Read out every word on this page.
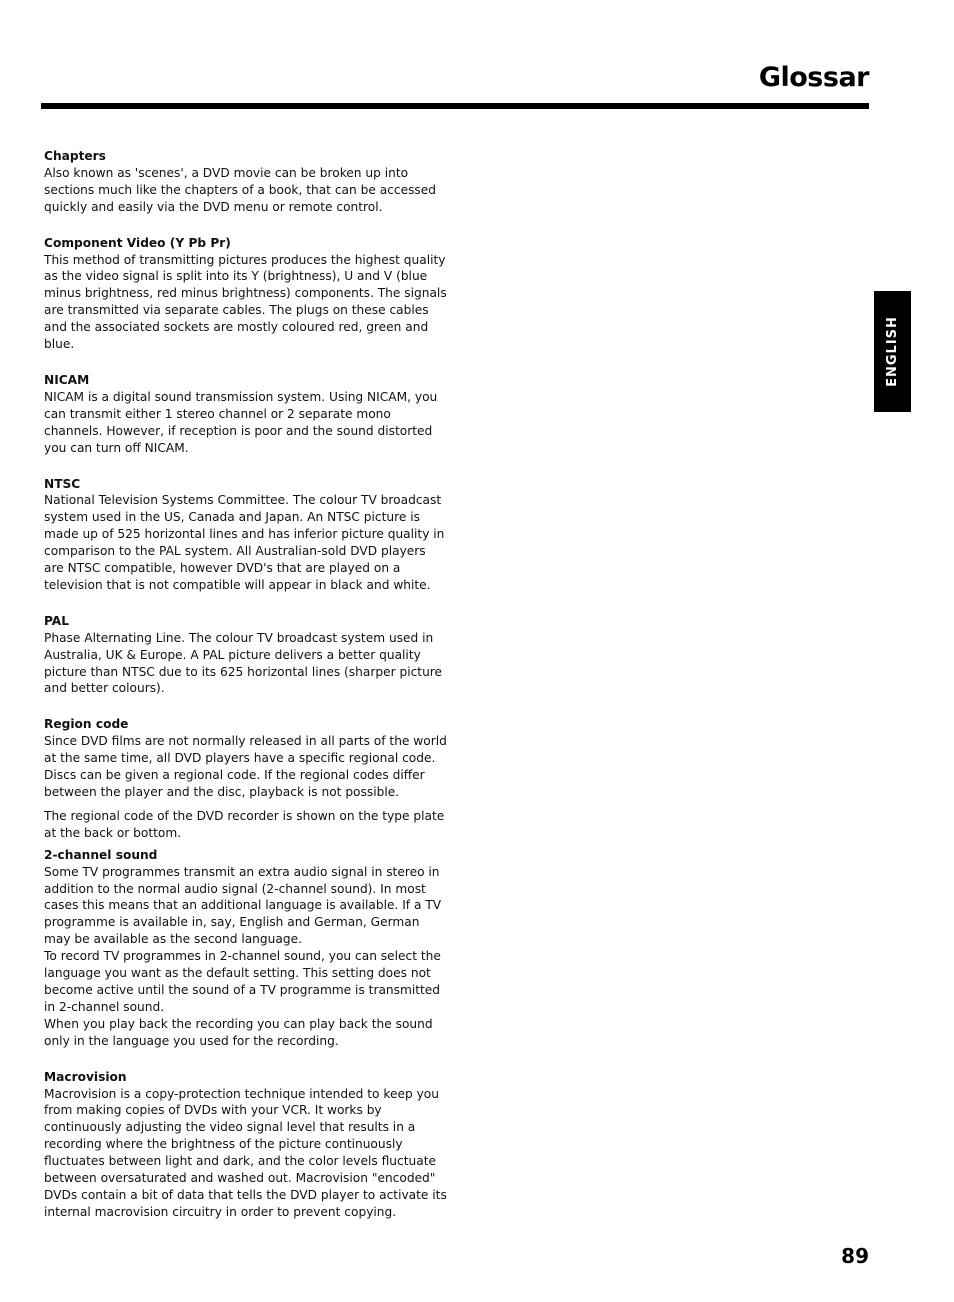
Glossar

Chapters

Also known as 'scenes', a DVD movie can be broken up into sections much like the chapters of a book, that can be accessed quickly and easily via the DVD menu or remote control.

Component Video (Y Pb Pr)

This method of transmitting pictures produces the highest quality as the video signal is split into its Y (brightness), U and V (blue minus brightness, red minus brightness) components. The signals are transmitted via separate cables. The plugs on these cables and the associated sockets are mostly coloured red, green and blue.

NICAM

NICAM is a digital sound transmission system. Using NICAM, you can transmit either 1 stereo channel or 2 separate mono channels. However, if reception is poor and the sound distorted you can turn off NICAM.

NTSC

National Television Systems Committee. The colour TV broadcast system used in the US, Canada and Japan. An NTSC picture is made up of 525 horizontal lines and has inferior picture quality in comparison to the PAL system. All Australian-sold DVD players are NTSC compatible, however DVD's that are played on a television that is not compatible will appear in black and white.

PAL

Phase Alternating Line. The colour TV broadcast system used in Australia, UK & Europe. A PAL picture delivers a better quality picture than NTSC due to its 625 horizontal lines (sharper picture and better colours).

Region code

Since DVD films are not normally released in all parts of the world at the same time, all DVD players have a specific regional code. Discs can be given a regional code. If the regional codes differ between the player and the disc, playback is not possible.

The regional code of the DVD recorder is shown on the type plate at the back or bottom.

2-channel sound

Some TV programmes transmit an extra audio signal in stereo in addition to the normal audio signal (2-channel sound). In most cases this means that an additional language is available. If a TV programme is available in, say, English and German, German may be available as the second language.

To record TV programmes in 2-channel sound, you can select the language you want as the default setting. This setting does not become active until the sound of a TV programme is transmitted in 2-channel sound.

When you play back the recording you can play back the sound only in the language you used for the recording.

Macrovision

Macrovision is a copy-protection technique intended to keep you from making copies of DVDs with your VCR. It works by continuously adjusting the video signal level that results in a recording where the brightness of the picture continuously fluctuates between light and dark, and the color levels fluctuate between oversaturated and washed out. Macrovision "encoded" DVDs contain a bit of data that tells the DVD player to activate its internal macrovision circuitry in order to prevent copying.

ENGLISH
89
